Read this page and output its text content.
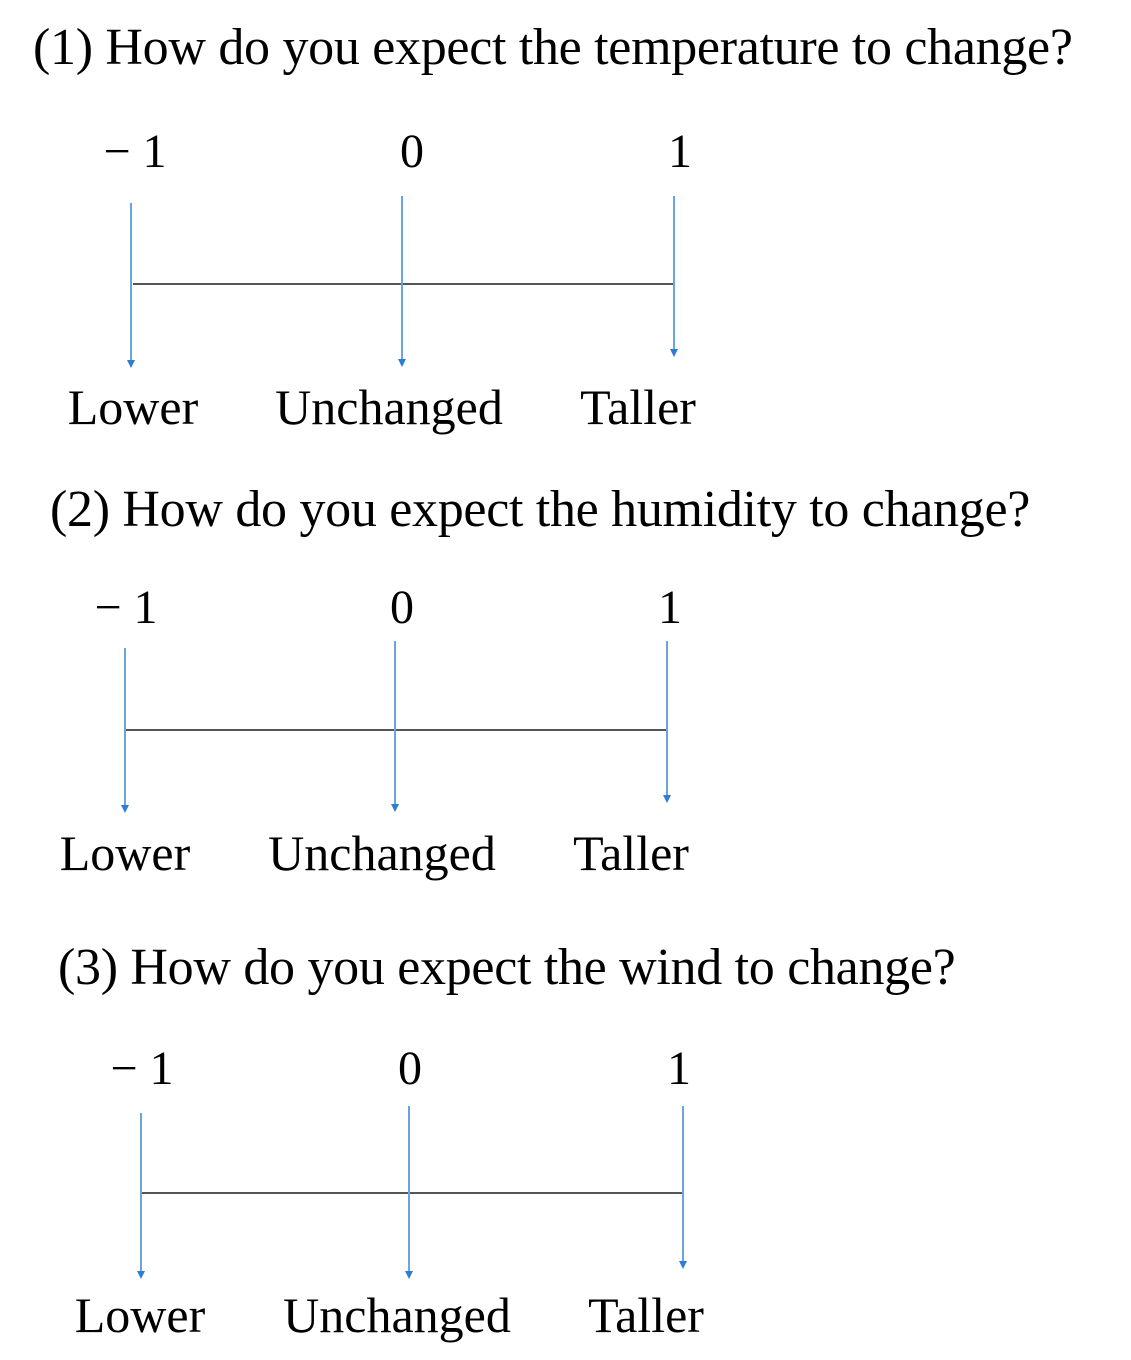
(1) How do you expect the temperature to change?
− 1	0	1
Lower Unchanged Taller
(2) How do you expect the humidity to change?
− 1	0	1
Lower Unchanged Taller
(3) How do you expect the wind to change?
− 1	0	1
Lower Unchanged Taller
